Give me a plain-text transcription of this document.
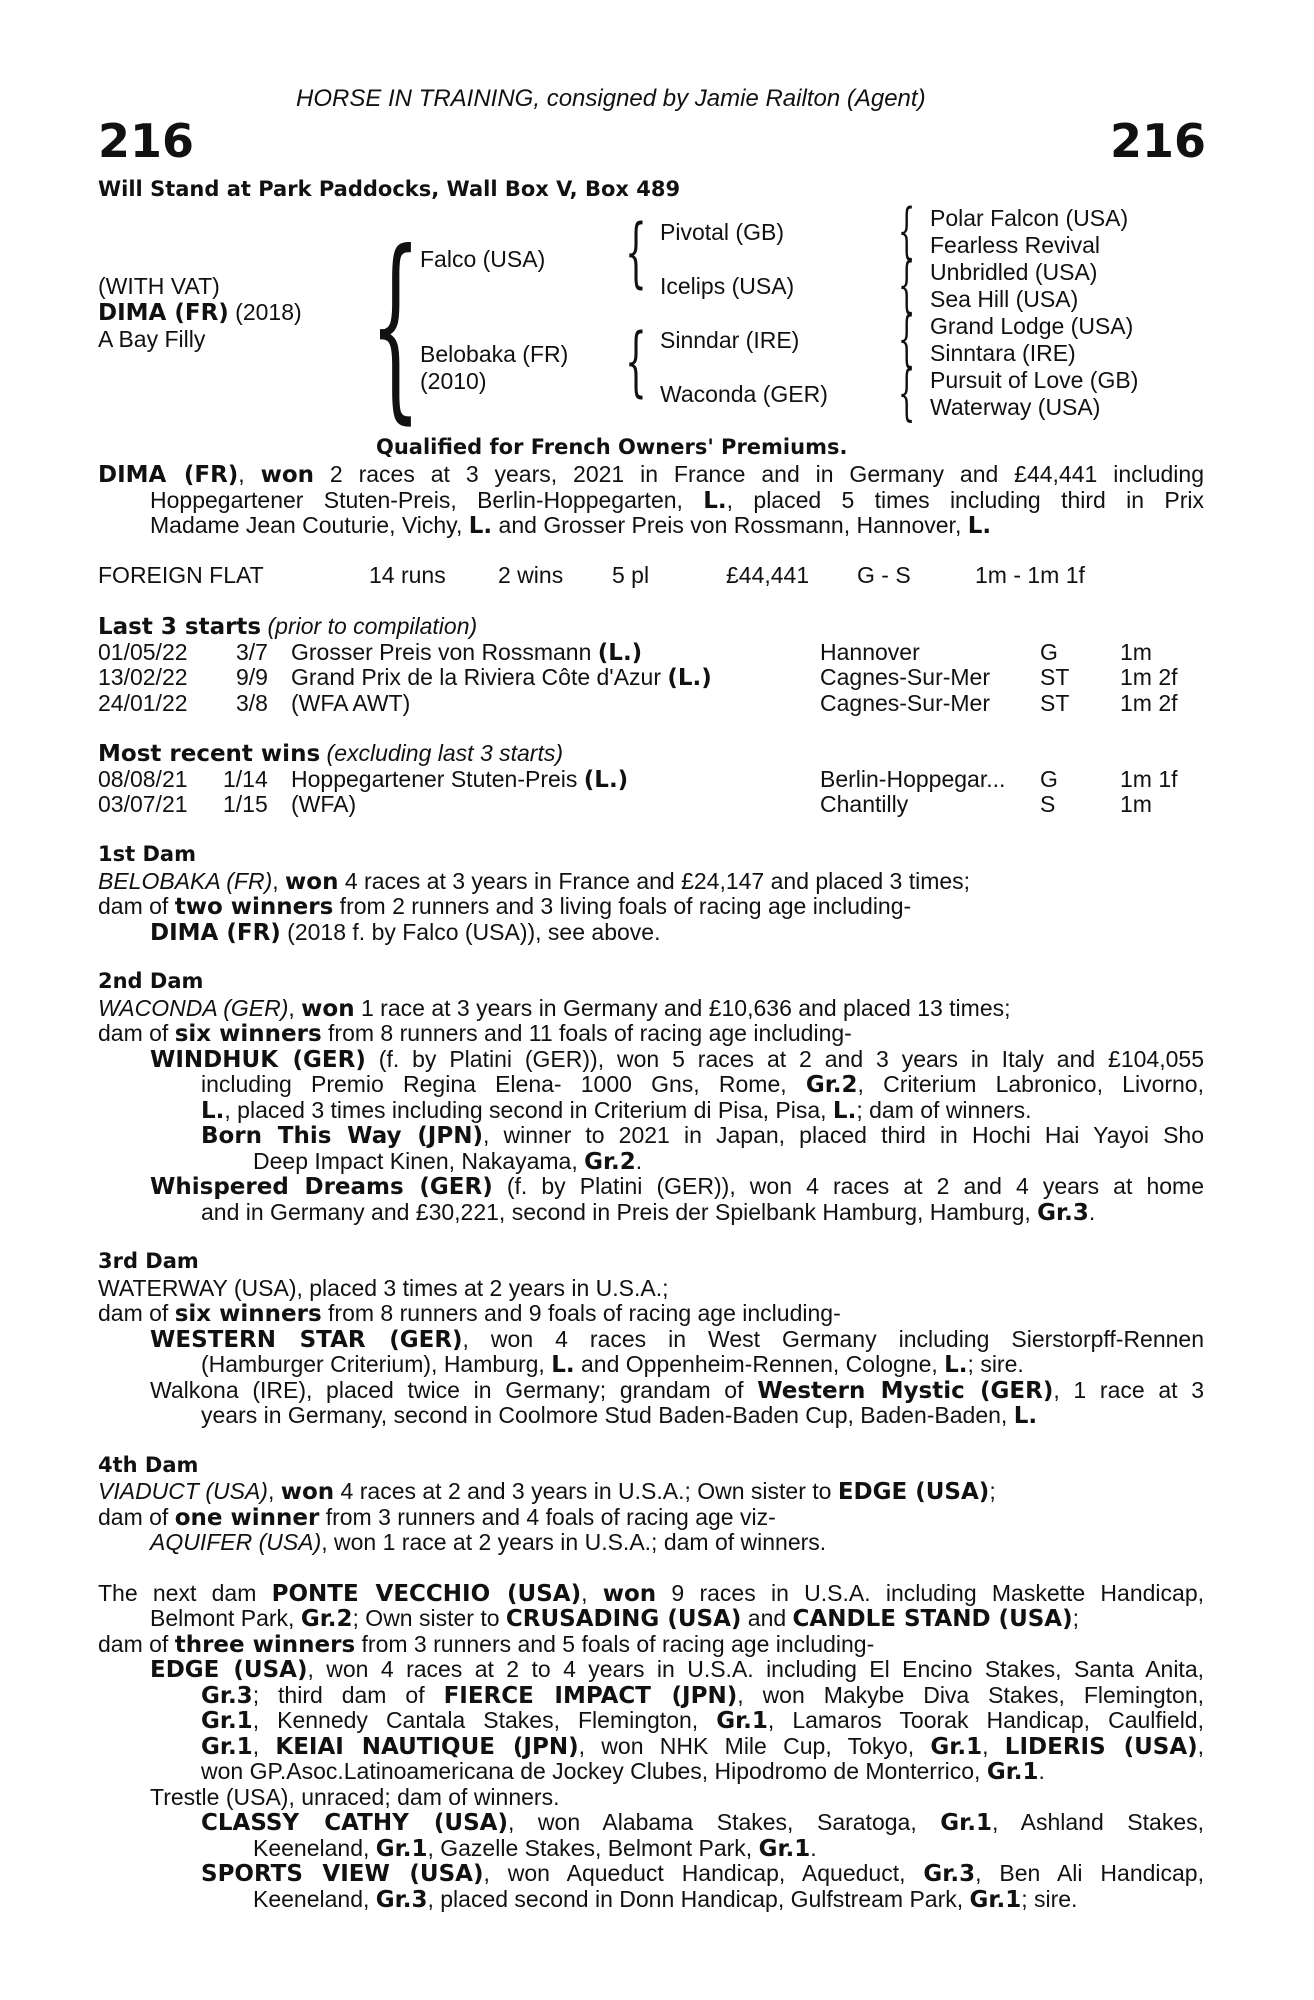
HORSE IN TRAINING, consigned by Jamie Railton (Agent)
216	216
Will Stand at Park Paddocks, Wall Box V, Box 489
(WITH VAT)
DIMA (FR) (2018)
A Bay Filly {	{
{
{
{
{
{
Falco (USA)
Belobaka (FR)
(2010)
Pivotal (GB)
Icelips (USA)
Sinndar (IRE)
Waconda (GER)
Polar Falcon (USA)
Fearless Revival
Unbridled (USA)
Sea Hill (USA)
Grand Lodge (USA)
Sinntara (IRE)
Pursuit of Love (GB)
Waterway (USA)
Qualified for French Owners' Premiums.
DIMA (FR), won 2 races at 3 years, 2021 in France and in Germany and £44,441 including
Hoppegartener Stuten-Preis, Berlin-Hoppegarten, L., placed 5 times including third in Prix
Madame Jean Couturie, Vichy, L. and Grosser Preis von Rossmann, Hannover, L.
FOREIGN FLAT	14 runs 2 wins 5 pl	£44,441 G - S	1m - 1m 1f
Last 3 starts (prior to compilation)
01/05/22 3/7 Grosser Preis von Rossmann (L.)	Hannover	G	1m
13/02/22 9/9 Grand Prix de la Riviera Côte d'Azur (L.)	Cagnes-Sur-Mer ST 1m 2f
24/01/22 3/8 (WFA AWT)	Cagnes-Sur-Mer ST 1m 2f
Most recent wins (excluding last 3 starts)
08/08/21 1/14 Hoppegartener Stuten-Preis (L.)	Berlin-Hoppegar... G	1m 1f
03/07/21 1/15 (WFA)	Chantilly	S	1m
1st Dam
BELOBAKA (FR), won 4 races at 3 years in France and £24,147 and placed 3 times;
dam of two winners from 2 runners and 3 living foals of racing age including-
DIMA (FR) (2018 f. by Falco (USA)), see above.
2nd Dam
WACONDA (GER), won 1 race at 3 years in Germany and £10,636 and placed 13 times;
dam of six winners from 8 runners and 11 foals of racing age including-
WINDHUK (GER) (f. by Platini (GER)), won 5 races at 2 and 3 years in Italy and £104,055
including Premio Regina Elena- 1000 Gns, Rome, Gr.2, Criterium Labronico, Livorno,
L., placed 3 times including second in Criterium di Pisa, Pisa, L.; dam of winners.
Born This Way (JPN), winner to 2021 in Japan, placed third in Hochi Hai Yayoi Sho
Deep Impact Kinen, Nakayama, Gr.2.
Whispered Dreams (GER) (f. by Platini (GER)), won 4 races at 2 and 4 years at home
and in Germany and £30,221, second in Preis der Spielbank Hamburg, Hamburg, Gr.3.
3rd Dam
WATERWAY (USA), placed 3 times at 2 years in U.S.A.;
dam of six winners from 8 runners and 9 foals of racing age including-
WESTERN STAR (GER), won 4 races in West Germany including Sierstorpff-Rennen
(Hamburger Criterium), Hamburg, L. and Oppenheim-Rennen, Cologne, L.; sire.
Walkona (IRE), placed twice in Germany; grandam of Western Mystic (GER), 1 race at 3
years in Germany, second in Coolmore Stud Baden-Baden Cup, Baden-Baden, L.
4th Dam
VIADUCT (USA), won 4 races at 2 and 3 years in U.S.A.; Own sister to EDGE (USA);
dam of one winner from 3 runners and 4 foals of racing age viz-
AQUIFER (USA), won 1 race at 2 years in U.S.A.; dam of winners.
The next dam PONTE VECCHIO (USA), won 9 races in U.S.A. including Maskette Handicap,
Belmont Park, Gr.2; Own sister to CRUSADING (USA) and CANDLE STAND (USA);
dam of three winners from 3 runners and 5 foals of racing age including-
EDGE (USA), won 4 races at 2 to 4 years in U.S.A. including El Encino Stakes, Santa Anita,
Gr.3; third dam of FIERCE IMPACT (JPN), won Makybe Diva Stakes, Flemington,
Gr.1, Kennedy Cantala Stakes, Flemington, Gr.1, Lamaros Toorak Handicap, Caulfield,
Gr.1, KEIAI NAUTIQUE (JPN), won NHK Mile Cup, Tokyo, Gr.1, LIDERIS (USA),
won GP.Asoc.Latinoamericana de Jockey Clubes, Hipodromo de Monterrico, Gr.1.
Trestle (USA), unraced; dam of winners.
CLASSY CATHY (USA), won Alabama Stakes, Saratoga, Gr.1, Ashland Stakes,
Keeneland, Gr.1, Gazelle Stakes, Belmont Park, Gr.1.
SPORTS VIEW (USA), won Aqueduct Handicap, Aqueduct, Gr.3, Ben Ali Handicap,
Keeneland, Gr.3, placed second in Donn Handicap, Gulfstream Park, Gr.1; sire.
